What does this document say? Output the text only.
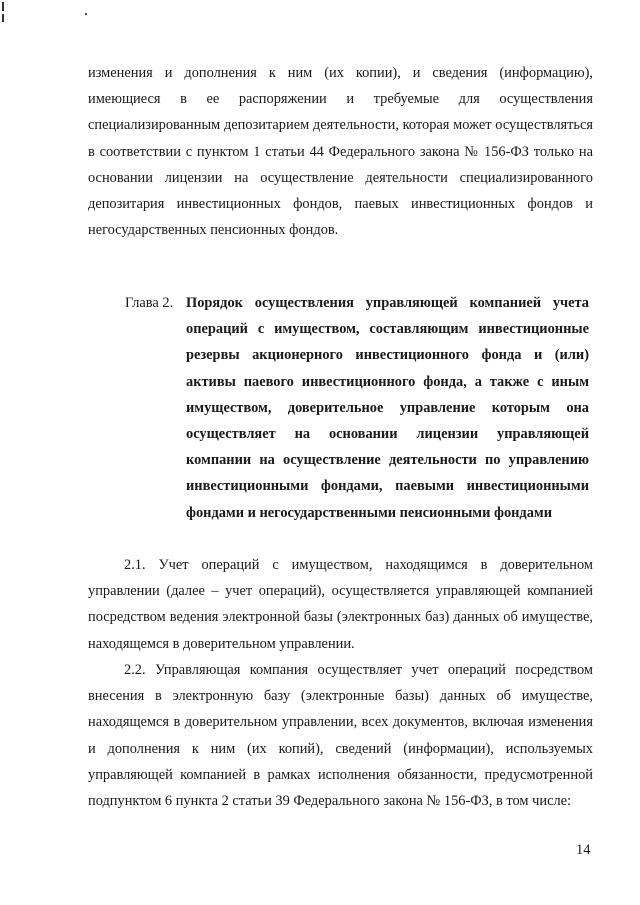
изменения и дополнения к ним (их копии), и сведения (информацию), имеющиеся в ее распоряжении и требуемые для осуществления специализированным депозитарием деятельности, которая может осуществляться в соответствии с пунктом 1 статьи 44 Федерального закона № 156-ФЗ только на основании лицензии на осуществление деятельности специализированного депозитария инвестиционных фондов, паевых инвестиционных фондов и негосударственных пенсионных фондов.

Глава 2. Порядок осуществления управляющей компанией учета операций с имуществом, составляющим инвестиционные резервы акционерного инвестиционного фонда и (или) активы паевого инвестиционного фонда, а также с иным имуществом, доверительное управление которым она осуществляет на основании лицензии управляющей компании на осуществление деятельности по управлению инвестиционными фондами, паевыми инвестиционными фондами и негосударственными пенсионными фондами

2.1. Учет операций с имуществом, находящимся в доверительном управлении (далее – учет операций), осуществляется управляющей компанией посредством ведения электронной базы (электронных баз) данных об имуществе, находящемся в доверительном управлении.

2.2. Управляющая компания осуществляет учет операций посредством внесения в электронную базу (электронные базы) данных об имуществе, находящемся в доверительном управлении, всех документов, включая изменения и дополнения к ним (их копий), сведений (информации), используемых управляющей компанией в рамках исполнения обязанности, предусмотренной подпунктом 6 пункта 2 статьи 39 Федерального закона № 156-ФЗ, в том числе:

14
